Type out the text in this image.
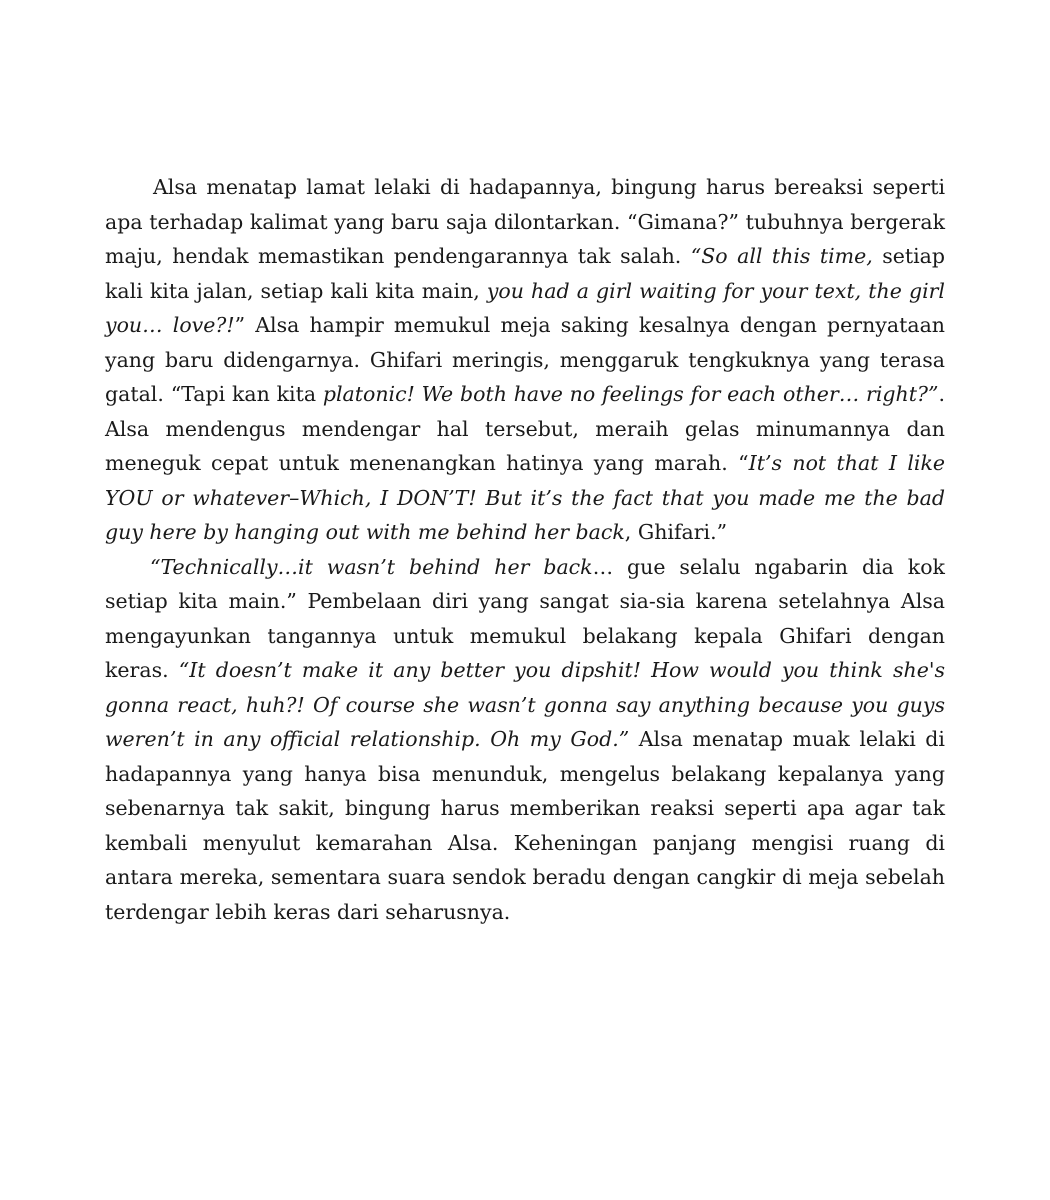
Alsa menatap lamat lelaki di hadapannya, bingung harus bereaksi seperti apa terhadap kalimat yang baru saja dilontarkan. “Gimana?” tubuhnya bergerak maju, hendak memastikan pendengarannya tak salah. “So all this time, setiap kali kita jalan, setiap kali kita main, you had a girl waiting for your text, the girl you… love?!” Alsa hampir memukul meja saking kesalnya dengan pernyataan yang baru didengarnya. Ghifari meringis, menggaruk tengkuknya yang terasa gatal. “Tapi kan kita platonic! We both have no feelings for each other… right?”. Alsa mendengus mendengar hal tersebut, meraih gelas minumannya dan meneguk cepat untuk menenangkan hatinya yang marah. “It’s not that I like YOU or whatever–Which, I DON’T! But it’s the fact that you made me the bad guy here by hanging out with me behind her back, Ghifari.”

“Technically…it wasn’t behind her back… gue selalu ngabarin dia kok setiap kita main.” Pembelaan diri yang sangat sia-sia karena setelahnya Alsa mengayunkan tangannya untuk memukul belakang kepala Ghifari dengan keras. “It doesn’t make it any better you dipshit! How would you think she's gonna react, huh?! Of course she wasn’t gonna say anything because you guys weren’t in any official relationship. Oh my God.” Alsa menatap muak lelaki di hadapannya yang hanya bisa menunduk, mengelus belakang kepalanya yang sebenarnya tak sakit, bingung harus memberikan reaksi seperti apa agar tak kembali menyulut kemarahan Alsa. Keheningan panjang mengisi ruang di antara mereka, sementara suara sendok beradu dengan cangkir di meja sebelah terdengar lebih keras dari seharusnya.
